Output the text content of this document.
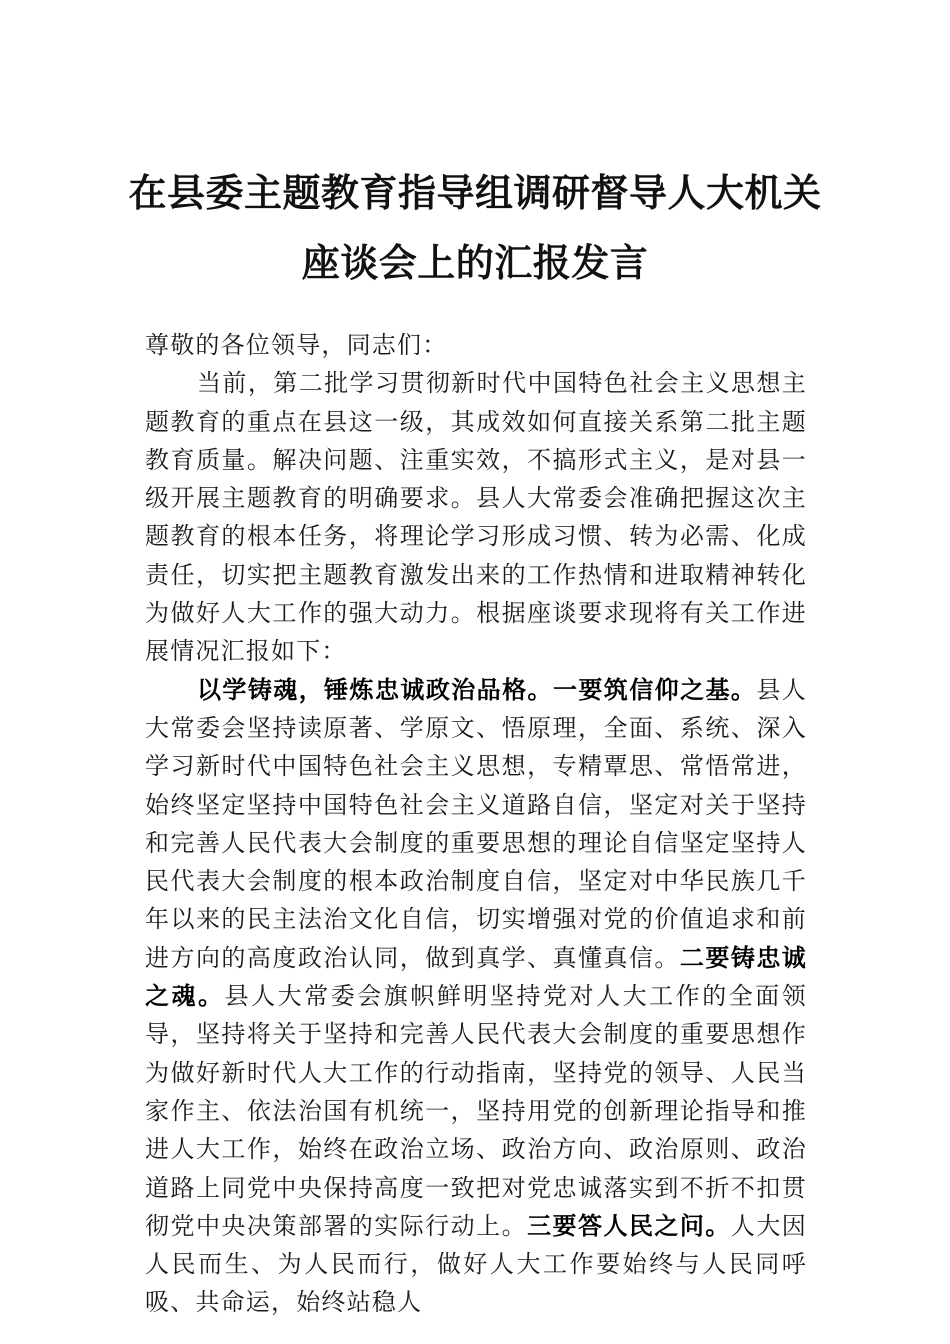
在县委主题教育指导组调研督导人大机关
座谈会上的汇报发言

尊敬的各位领导，同志们：

当前，第二批学习贯彻新时代中国特色社会主义思想主题教育的重点在县这一级，其成效如何直接关系第二批主题教育质量。解决问题、注重实效，不搞形式主义，是对县一级开展主题教育的明确要求。县人大常委会准确把握这次主题教育的根本任务，将理论学习形成习惯、转为必需、化成责任，切实把主题教育激发出来的工作热情和进取精神转化为做好人大工作的强大动力。根据座谈要求现将有关工作进展情况汇报如下：

以学铸魂，锤炼忠诚政治品格。一要筑信仰之基。县人大常委会坚持读原著、学原文、悟原理，全面、系统、深入学习新时代中国特色社会主义思想，专精覃思、常悟常进，始终坚定坚持中国特色社会主义道路自信，坚定对关于坚持和完善人民代表大会制度的重要思想的理论自信坚定坚持人民代表大会制度的根本政治制度自信，坚定对中华民族几千年以来的民主法治文化自信，切实增强对党的价值追求和前进方向的高度政治认同，做到真学、真懂真信。二要铸忠诚之魂。县人大常委会旗帜鲜明坚持党对人大工作的全面领导，坚持将关于坚持和完善人民代表大会制度的重要思想作为做好新时代人大工作的行动指南，坚持党的领导、人民当家作主、依法治国有机统一，坚持用党的创新理论指导和推进人大工作，始终在政治立场、政治方向、政治原则、政治道路上同党中央保持高度一致把对党忠诚落实到不折不扣贯彻党中央决策部署的实际行动上。三要答人民之问。人大因人民而生、为人民而行，做好人大工作要始终与人民同呼吸、共命运，始终站稳人
